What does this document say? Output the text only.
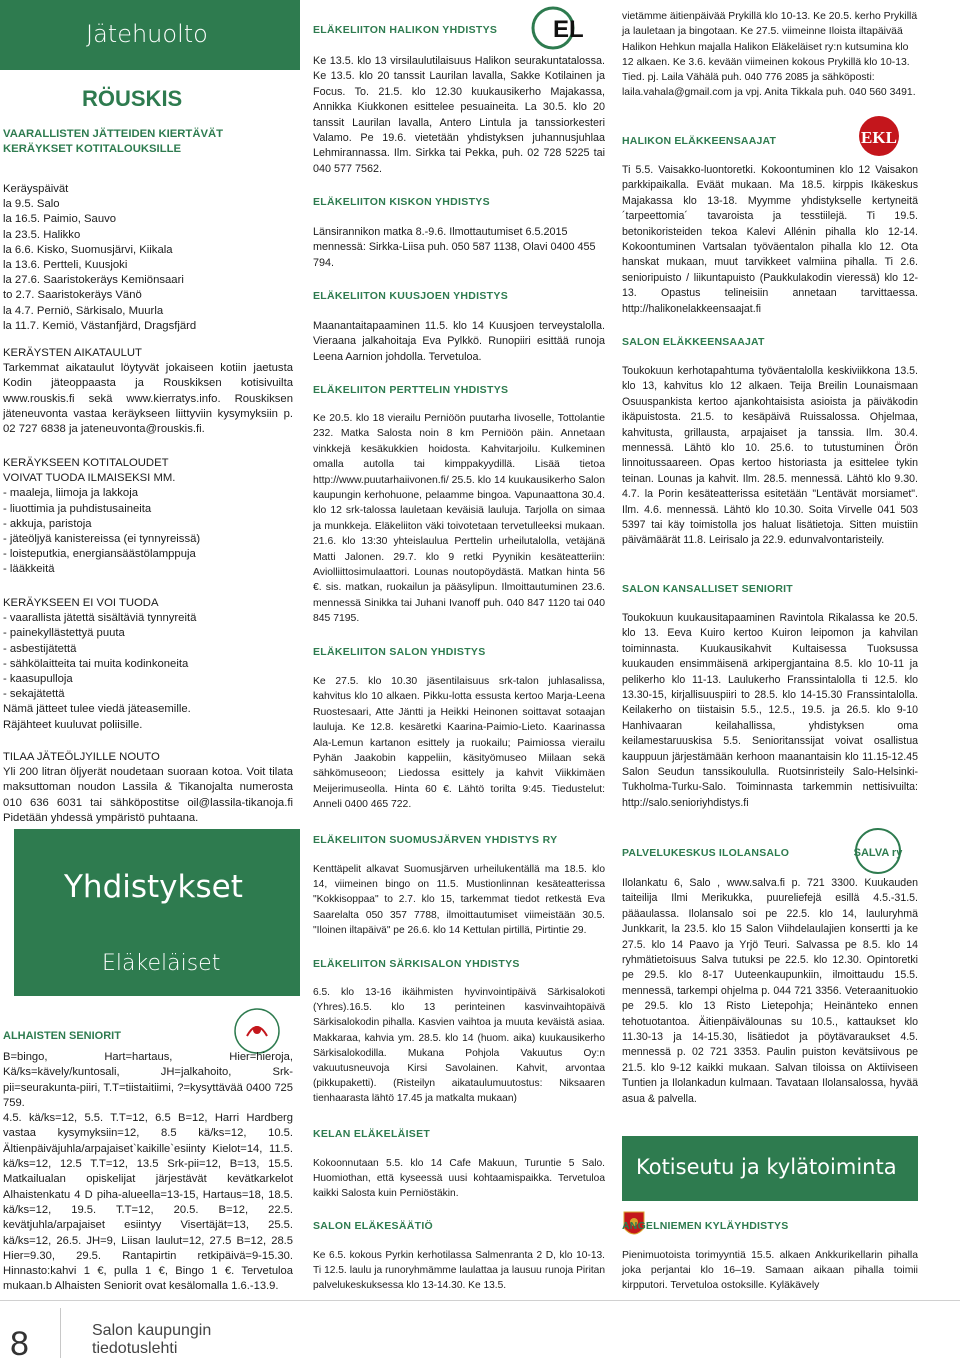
Jätehuolto
RÖUSKIS

VAARALLISTEN JÄTTEIDEN KIERTÄVÄT
KERÄYKSET KOTITALOUKSILLE

Keräyspäivät
la 9.5. Salo
la 16.5. Paimio, Sauvo
la 23.5. Halikko
la 6.6. Kisko, Suomusjärvi, Kiikala
la 13.6. Pertteli, Kuusjoki
la 27.6. Saaristokeräys Kemiönsaari
to 2.7. Saaristokeräys Vänö
la 4.7. Perniö, Särkisalo, Muurla
la 11.7. Kemiö, Västanfjärd, Dragsfjärd

KERÄYSTEN AIKATAULUT
Tarkemmat aikataulut löytyvät jokaiseen kotiin jaetusta Kodin jäteoppaasta ja Rouskiksen kotisivuilta www.rouskis.fi sekä www.kierratys.info. Rouskiksen jäteneuvonta vastaa keräykseen liittyviin kysymyksiin p. 02 727 6838 ja jateneuvonta@rouskis.fi.

KERÄYKSEEN KOTITALOUDET
VOIVAT TUODA ILMAISEKSI MM.
- maaleja, liimoja ja lakkoja
- liuottimia ja puhdistusaineita
- akkuja, paristoja
- jäteöljyä kanistereissa (ei tynnyreissä)
- loisteputkia, energiansäästölamppuja
- lääkkeitä

KERÄYKSEEN EI VOI TUODA
- vaarallista jätettä sisältäviä tynnyreitä
- painekyllästettyä puuta
- asbestijätettä
- sähkölaitteita tai muita kodinkoneita
- kaasupulloja
- sekajätettä
Nämä jätteet tulee viedä jäteasemille.
Räjähteet kuuluvat poliisille.

TILAA JÄTEÖLJYILLE NOUTO
Yli 200 litran öljyerät noudetaan suoraan kotoa. Voit tilata maksuttoman noudon Lassila & Tikanojalta numerosta 010 636 6031 tai sähköpostitse oil@lassila-tikanoja.fi Pidetään yhdessä ympäristö puhtaana.

Yhdistykset
Eläkeläiset

ALHAISTEN SENIORIT

B=bingo, Hart=hartaus, Hier=hieroja, Kä/ks=kävely/kuntosali, JH=jalkahoito, Srk-pii=seurakunta-piiri, T.T=tiistaitiimi, ?=kysyttävää 0400 725 759.
4.5. kä/ks=12, 5.5. T.T=12, 6.5 B=12, Harri Hardberg vastaa kysymyksiin=12, 8.5 kä/ks=12, 10.5. Ältienpäiväjuhla/arpajaiset`kaikille`esiinty Kielot=14, 11.5. kä/ks=12, 12.5 T.T=12, 13.5 Srk-pii=12, B=13, 15.5. Matkailualan opiskelijat järjestävät kevätkarkelot Alhaistenkatu 4 D piha-alueella=13-15, Hartaus=18, 18.5. kä/ks=12, 19.5. T.T=12, 20.5. B=12, 22.5. kevätjuhla/arpajaiset esiintyy Visertäjät=13, 25.5. kä/ks=12, 26.5. JH=9, Liisan laulut=12, 27.5 B=12, 28.5 Hier=9.30, 29.5. Rantapirtin retkipäivä=9-15.30. Hinnasto:kahvi 1 €, pulla 1 €, Bingo 1 €. Tervetuloa mukaan.b Alhaisten Seniorit ovat kesälomalla 1.6.-13.9.

ELÄKELIITON HALIKON YHDISTYS	EL

Ke 13.5. klo 13 virsilaulutilaisuus Halikon seurakuntatalossa. Ke 13.5. klo 20 tanssit Laurilan lavalla, Sakke Kotilainen ja Focus. To. 21.5. klo 12.30 kuukausikerho Majakassa, Annikka Kiukkonen esittelee pesuaineita. La 30.5. klo 20 tanssit Laurilan lavalla, Antero Lintula ja tanssiorkesteri Valamo. Pe 19.6. vietetään yhdistyksen juhannusjuhlaa Lehmirannassa. Ilm. Sirkka tai Pekka, puh. 02 728 5225 tai 040 577 7562.

ELÄKELIITON KISKON YHDISTYS

Länsirannikon matka 8.-9.6. Ilmottautumiset 6.5.2015 mennessä: Sirkka-Liisa puh. 050 587 1138, Olavi 0400 455 794.

ELÄKELIITON KUUSJOEN YHDISTYS

Maanantaitapaaminen 11.5. klo 14 Kuusjoen terveystalolla. Vieraana jalkahoitaja Eva Pylkkö. Runopiiri esittää runoja Leena Aarnion johdolla. Tervetuloa.

ELÄKELIITON PERTTELIN YHDISTYS

Ke 20.5. klo 18 vierailu Perniöön puutarha Iivoselle, Tottolantie 232. Matka Salosta noin 8 km Perniöön päin. Annetaan vinkkejä kesäkukkien hoidosta. Kahvitarjoilu. Kulkeminen omalla autolla tai kimppakyydillä. Lisää tietoa http://www.puutarhaiivonen.fi/ 25.5. klo 14 kuukausikerho Salon kaupungin kerhohuone, pelaamme bingoa. Vapunaattona 30.4. klo 12 srk-talossa lauletaan keväisiä lauluja. Tarjolla on simaa ja munkkeja. Eläkeliiton väki toivotetaan tervetulleeksi mukaan. 21.6. klo 13:30 yhteislaulua Perttelin urheilutalolla, vetäjänä Matti Jalonen. 29.7. klo 9 retki Pyynikin kesäteatteriin: Aviolliittosimulaattori. Lounas noutopöydästä. Matkan hinta 56 €. sis. matkan, ruokailun ja pääsylipun. Ilmoittautuminen 23.6. mennessä Sinikka tai Juhani Ivanoff puh. 040 847 1120 tai 040 845 7195.

ELÄKELIITON SALON YHDISTYS

Ke 27.5. klo 10.30 jäsentilaisuus srk-talon juhlasalissa, kahvitus klo 10 alkaen. Pikku-lotta essusta kertoo Marja-Leena Ruostesaari, Atte Jäntti ja Heikki Heinonen soittavat sotaajan lauluja. Ke 12.8. kesäretki Kaarina-Paimio-Lieto. Kaarinassa Ala-Lemun kartanon esittely ja ruokailu; Paimiossa vierailu Pyhän Jaakobin kappeliin, käsityömuseo Miilaan sekä sähkömuseoon; Liedossa esittely ja kahvit Viikkimäen Meijerimuseolla. Hinta 60 €. Lähtö torilta 9:45. Tiedustelut: Anneli 0400 465 722.

ELÄKELIITON SUOMUSJÄRVEN YHDISTYS RY

Kenttäpelit alkavat Suomusjärven urheilukentällä ma 18.5. klo 14, viimeinen bingo on 11.5. Mustionlinnan kesäteatterissa "Kokkisoppaa" to 2.7. klo 15, tarkemmat tiedot retkestä Eva Saarelalta 050 357 7788, ilmoittautumiset viimeistään 30.5. "Iloinen iltapäivä" pe 26.6. klo 14 Kettulan pirtillä, Pirtintie 29.

ELÄKELIITON SÄRKISALON YHDISTYS

6.5. klo 13-16 ikäihmisten hyvinvointipäivä Särkisalokoti (Yhres).16.5. klo 13 perinteinen kasvinvaihtopäivä Särkisalokodin pihalla. Kasvien vaihtoa ja muuta keväistä asiaa. Makkaraa, kahvia ym. 28.5. klo 14 (huom. aika) kuukausikerho Särkisalokodilla. Mukana Pohjola Vakuutus Oy:n vakuutusneuvoja Kirsi Savolainen. Kahvit, arvontaa (pikkupaketti). (Risteilyn aikataulumuutostus: Niksaaren tienhaarasta lähtö 17.45 ja matkalta mukaan)

KELAN ELÄKELÄISET

Kokoonnutaan 5.5. klo 14 Cafe Makuun, Turuntie 5 Salo. Huomiothan, että kyseessä uusi kohtaamispaikka. Tervetuloa kaikki Salosta kuin Perniöstäkin.

SALON ELÄKESÄÄTIÖ

Ke 6.5. kokous Pyrkin kerhotilassa Salmenranta 2 D, klo 10-13. Ti 12.5. laulu ja runoryhmämme laulattaa ja lausuu runoja Piritan palvelukeskuksessa klo 13-14.30. Ke 13.5.

vietämme äitienpäivää Prykillä klo 10-13. Ke 20.5. kerho Prykillä ja lauletaan ja bingotaan. Ke 27.5. viimeinne Iloista iltapäivää Halikon Hehkun majalla Halikon Eläkeläiset ry:n kutsumina klo 12 alkaen. Ke 3.6. kevään viimeinen kokous Prykillä klo 10-13. Tied. pj. Laila Vähälä puh. 040 776 2085 ja sähköposti: laila.vahala@gmail.com ja vpj. Anita Tikkala puh. 040 560 3491.

HALIKON ELÄKKEENSAAJAT	EKL

Ti 5.5. Vaisakko-luontoretki. Kokoontuminen klo 12 Vaisakon parkkipaikalla. Eväät mukaan. Ma 18.5. kirppis Ikäkeskus Majakassa klo 13-18. Myymme yhdistykselle kertyneitä ´tarpeettomia´ tavaroista ja tesstiilejä. Ti 19.5. betonikoristeiden tekoa Kalevi Allénin pihalla klo 12-14. Kokoontuminen Vartsalan työväentalon pihalla klo 12. Ota hanskat mukaan, muut tarvikkeet valmiina pihalla. Ti 2.6. senioripuisto / liikuntapuisto (Paukkulakodin vieressä) klo 12-13. Opastus telineisiin annetaan tarvittaessa. http://halikonelakkeensaajat.fi

SALON ELÄKKEENSAAJAT

Toukokuun kerhotapahtuma työväentalolla keskiviikkona 13.5. klo 13, kahvitus klo 12 alkaen. Teija Breilin Lounaismaan Osuuspankista kertoo ajankohtaisista asioista ja päiväkodin ikäpuistosta. 21.5. to kesäpäivä Ruissalossa. Ohjelmaa, kahvitusta, grillausta, arpajaiset ja tanssia. Ilm. 30.4. mennessä. Lähtö klo 10. 25.6. to tutustuminen Örön linnoitussaareen. Opas kertoo historiasta ja esittelee tykin teinan. Lounas ja kahvit. Ilm. 28.5. mennessä. Lähtö klo 9.30. 4.7. la Porin kesäteatterissa esitetään "Lentävät morsiamet". Ilm. 4.6. mennessä. Lähtö klo 10.30. Soita Virvelle 041 503 5397 tai käy toimistolla jos haluat lisätietoja. Sitten muistiin päivämäärät 11.8. Leirisalo ja 22.9. edunvalvontaristeily.

SALON KANSALLISET SENIORIT

Toukokuun kuukausitapaaminen Ravintola Rikalassa ke 20.5. klo 13. Eeva Kuiro kertoo Kuiron leipomon ja kahvilan toiminnasta. Kuukausikahvit Kultaisessa Tuoksussa kuukauden ensimmäisenä arkipergjantaina 8.5. klo 10-11 ja pelikerho klo 11-13. Laulukerho Franssintalolla ti 12.5. klo 13.30-15, kirjallisuuspiiri to 28.5. klo 14-15.30 Franssintalolla. Keilakerho on tiistaisin 5.5., 12.5., 19.5. ja 26.5. klo 9-10 Hanhivaaran keilahallissa, yhdistyksen oma keilamestaruuskisa 5.5. Senioritanssijat voivat osallistua kauppuun järjestämään kerhoon maanantaisin klo 11.15-12.45 Salon Seudun tanssikoululla. Ruotsinristeily Salo-Helsinki-Tukholma-Turku-Salo. Toiminnasta tarkemmin nettisivuilta: http://salo.senioriyhdistys.fi

PALVELUKESKUS ILOLANSALO	SALVA ry

Ilolankatu 6, Salo , www.salva.fi p. 721 3300. Kuukauden taiteilija Ilmi Merikukka, puureliefejä esillä 4.5.-31.5. pääaulassa. Ilolansalo soi pe 22.5. klo 14, lauluryhmä Junkkarit, la 23.5. klo 15 Salon Viihdelaulajien konsertti ja ke 27.5. klo 14 Paavo ja Yrjö Teuri. Salvassa pe 8.5. klo 14 ryhmätietoisuus Salva tutuksi pe 22.5. klo 12.30. Opintoretki pe 29.5. klo 8-17 Uuteenkaupunkiin, ilmoittaudu 15.5. mennessä, tarkempi ohjelma p. 044 721 3356. Veteraanituokio pe 29.5. klo 13 Risto Lietepohja; Heinänteko ennen tehotuotantoa. Äitienpäivälounas su 10.5., kattaukset klo 11.30-13 ja 14-15.30, lisätiedot ja pöytävaraukset 4.5. mennessä p. 02 721 3353. Paulin puiston kevätsiivous pe 21.5. klo 9-12 kaikki mukaan. Salvan tiloissa on Aktiiviseen Tuntien ja Ilolankadun kulmaan. Tavataan Ilolansalossa, hyvää asua & palvella.

Kotiseutu ja kylätoiminta

ANGELNIEMEN KYLÄYHDISTYS

Pienimuotoista torimyyntiä 15.5. alkaen Ankkurikellarin pihalla joka perjantai klo 16–19. Samaan aikaan pihalla toimii kirpputori. Tervetuloa ostoksille. Kyläkävely

8	Salon kaupungin
tiedotuslehti
